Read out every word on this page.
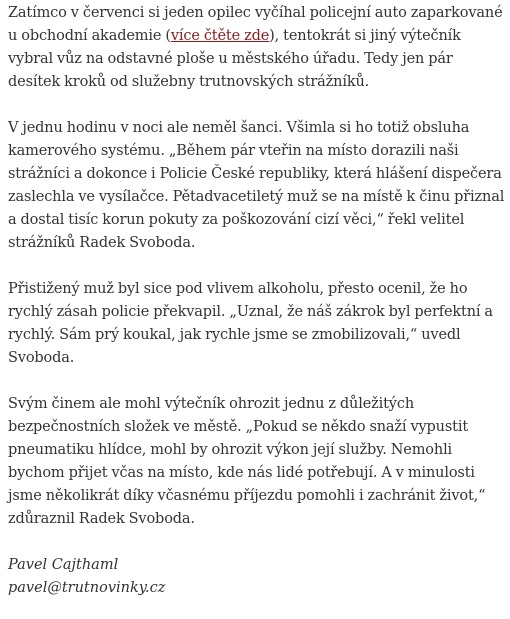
Zatímco v červenci si jeden opilec vyčíhal policejní auto zaparkované u obchodní akademie (více čtěte zde), tentokrát si jiný výtečník vybral vůz na odstavné ploše u městského úřadu. Tedy jen pár desítek kroků od služebny trutnovských strážníků.

V jednu hodinu v noci ale neměl šanci. Všimla si ho totiž obsluha kamerového systému. „Během pár vteřin na místo dorazili naši strážníci a dokonce i Policie České republiky, která hlášení dispečera zaslechla ve vysílačce. Pětadvacetiletý muž se na místě k činu přiznal a dostal tisíc korun pokuty za poškozování cizí věci,“ řekl velitel strážníků Radek Svoboda.

Přistižený muž byl sice pod vlivem alkoholu, přesto ocenil, že ho rychlý zásah policie překvapil. „Uznal, že náš zákrok byl perfektní a rychlý. Sám prý koukal, jak rychle jsme se zmobilizovali,“ uvedl Svoboda.

Svým činem ale mohl výtečník ohrozit jednu z důležitých bezpečnostních složek ve městě. „Pokud se někdo snaží vypustit pneumatiku hlídce, mohl by ohrozit výkon její služby. Nemohli bychom přijet včas na místo, kde nás lidé potřebují. A v minulosti jsme několikrát díky včasnému příjezdu pomohli i zachránit život,“ zdůraznil Radek Svoboda.

Pavel Cajthaml
pavel@trutnovinky.cz
